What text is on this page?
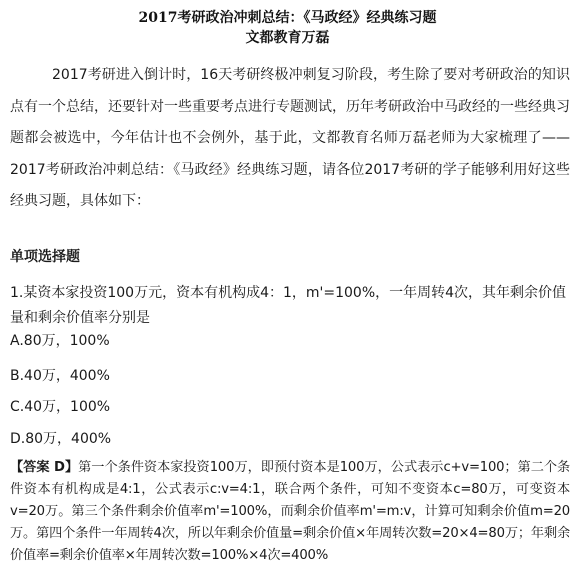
2017考研政治冲刺总结：《马政经》经典练习题
文都教育万磊
2017考研进入倒计时，16天考研终极冲刺复习阶段，考生除了要对考研政治的知识点有一个总结，还要针对一些重要考点进行专题测试，历年考研政治中马政经的一些经典习题都会被选中，今年估计也不会例外，基于此，文都教育名师万磊老师为大家梳理了——2017考研政治冲刺总结：《马政经》经典练习题，请各位2017考研的学子能够利用好这些经典习题，具体如下：
单项选择题
1.某资本家投资100万元，资本有机构成4：1，m'=100%，一年周转4次，其年剩余价值量和剩余价值率分别是
A.80万，100%
B.40万，400%
C.40万，100%
D.80万，400%
【答案 D】第一个条件资本家投资100万，即预付资本是100万，公式表示c+v=100；第二个条件资本有机构成是4:1，公式表示c:v=4:1，联合两个条件，可知不变资本c=80万，可变资本v=20万。第三个条件剩余价值率m'=100%，而剩余价值率m'=m:v，计算可知剩余价值m=20万。第四个条件一年周转4次，所以年剩余价值量=剩余价值×年周转次数=20×4=80万；年剩余价值率=剩余价值率×年周转次数=100%×4次=400%
